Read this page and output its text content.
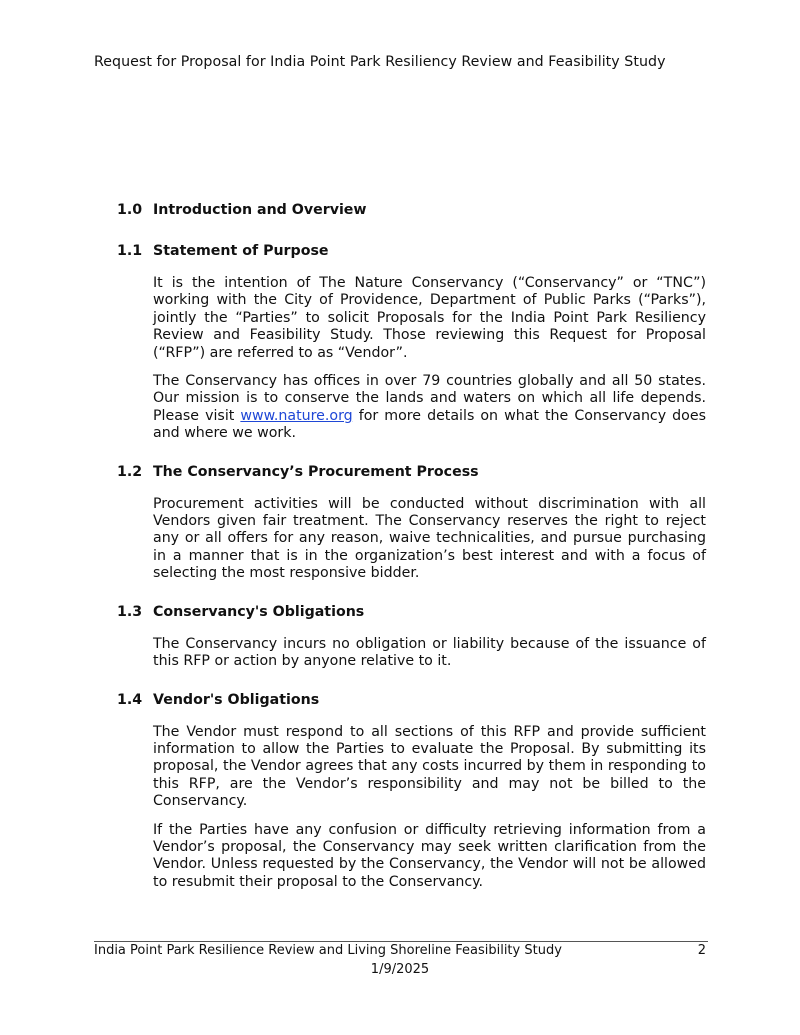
Request for Proposal for India Point Park Resiliency Review and Feasibility Study
1.0 Introduction and Overview
1.1 Statement of Purpose

It is the intention of The Nature Conservancy (“Conservancy” or “TNC”) working with the City of Providence, Department of Public Parks (“Parks”), jointly the “Parties” to solicit Proposals for the India Point Park Resiliency Review and Feasibility Study. Those reviewing this Request for Proposal (“RFP”) are referred to as “Vendor”.

The Conservancy has offices in over 79 countries globally and all 50 states. Our mission is to conserve the lands and waters on which all life depends. Please visit www.nature.org for more details on what the Conservancy does and where we work.

1.2 The Conservancy’s Procurement Process

Procurement activities will be conducted without discrimination with all Vendors given fair treatment. The Conservancy reserves the right to reject any or all offers for any reason, waive technicalities, and pursue purchasing in a manner that is in the organization’s best interest and with a focus of selecting the most responsive bidder.

1.3 Conservancy's Obligations

The Conservancy incurs no obligation or liability because of the issuance of this RFP or action by anyone relative to it.

1.4 Vendor's Obligations

The Vendor must respond to all sections of this RFP and provide sufficient information to allow the Parties to evaluate the Proposal. By submitting its proposal, the Vendor agrees that any costs incurred by them in responding to this RFP, are the Vendor’s responsibility and may not be billed to the Conservancy.

If the Parties have any confusion or difficulty retrieving information from a Vendor’s proposal, the Conservancy may seek written clarification from the Vendor. Unless requested by the Conservancy, the Vendor will not be allowed to resubmit their proposal to the Conservancy.

India Point Park Resilience Review and Living Shoreline Feasibility Study	2
1/9/2025
